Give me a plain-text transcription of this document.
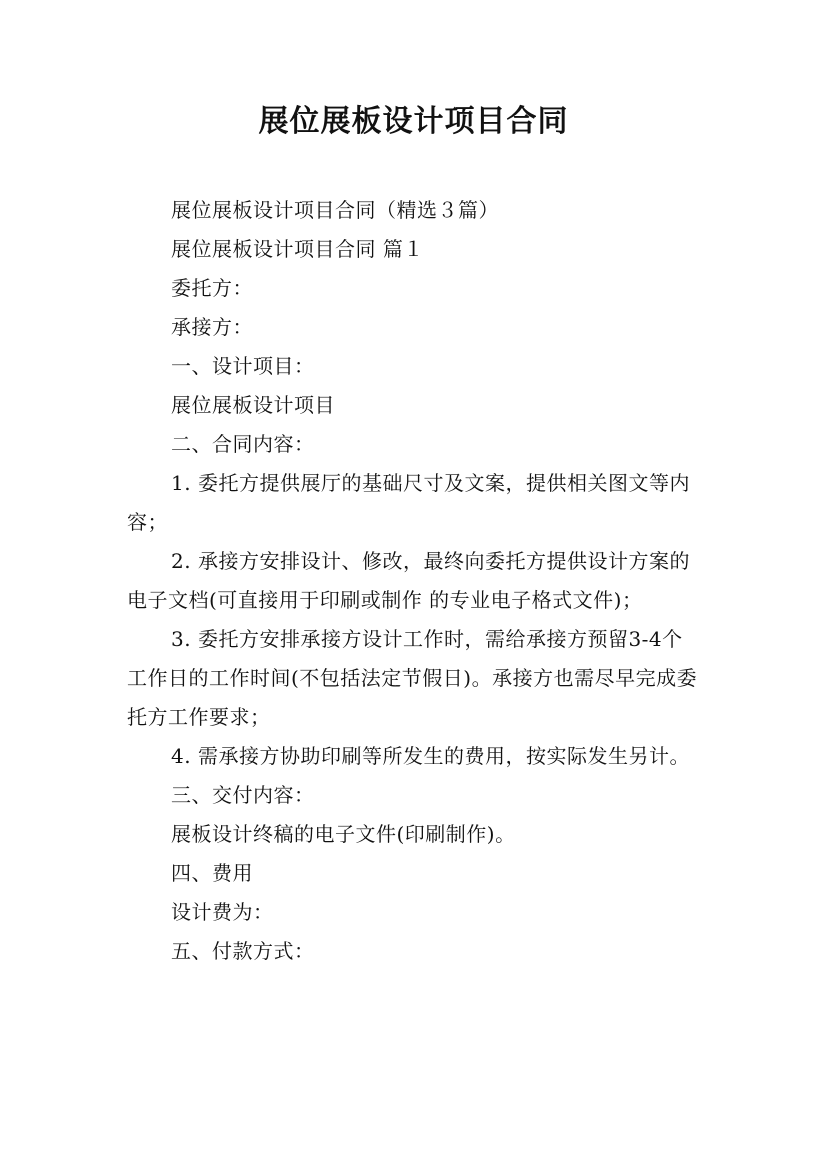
展位展板设计项目合同

展位展板设计项目合同（精选３篇）

展位展板设计项目合同 篇１

委托方：

承接方：

一、设计项目：

展位展板设计项目

二、合同内容：

1. 委托方提供展厅的基础尺寸及文案，提供相关图文等内容；

2. 承接方安排设计、修改，最终向委托方提供设计方案的电子文档(可直接用于印刷或制作 的专业电子格式文件)；

3. 委托方安排承接方设计工作时，需给承接方预留3-4个工作日的工作时间(不包括法定节假日)。承接方也需尽早完成委托方工作要求；

4. 需承接方协助印刷等所发生的费用，按实际发生另计。

三、交付内容：

展板设计终稿的电子文件(印刷制作)。

四、费用

设计费为：

五、付款方式：
